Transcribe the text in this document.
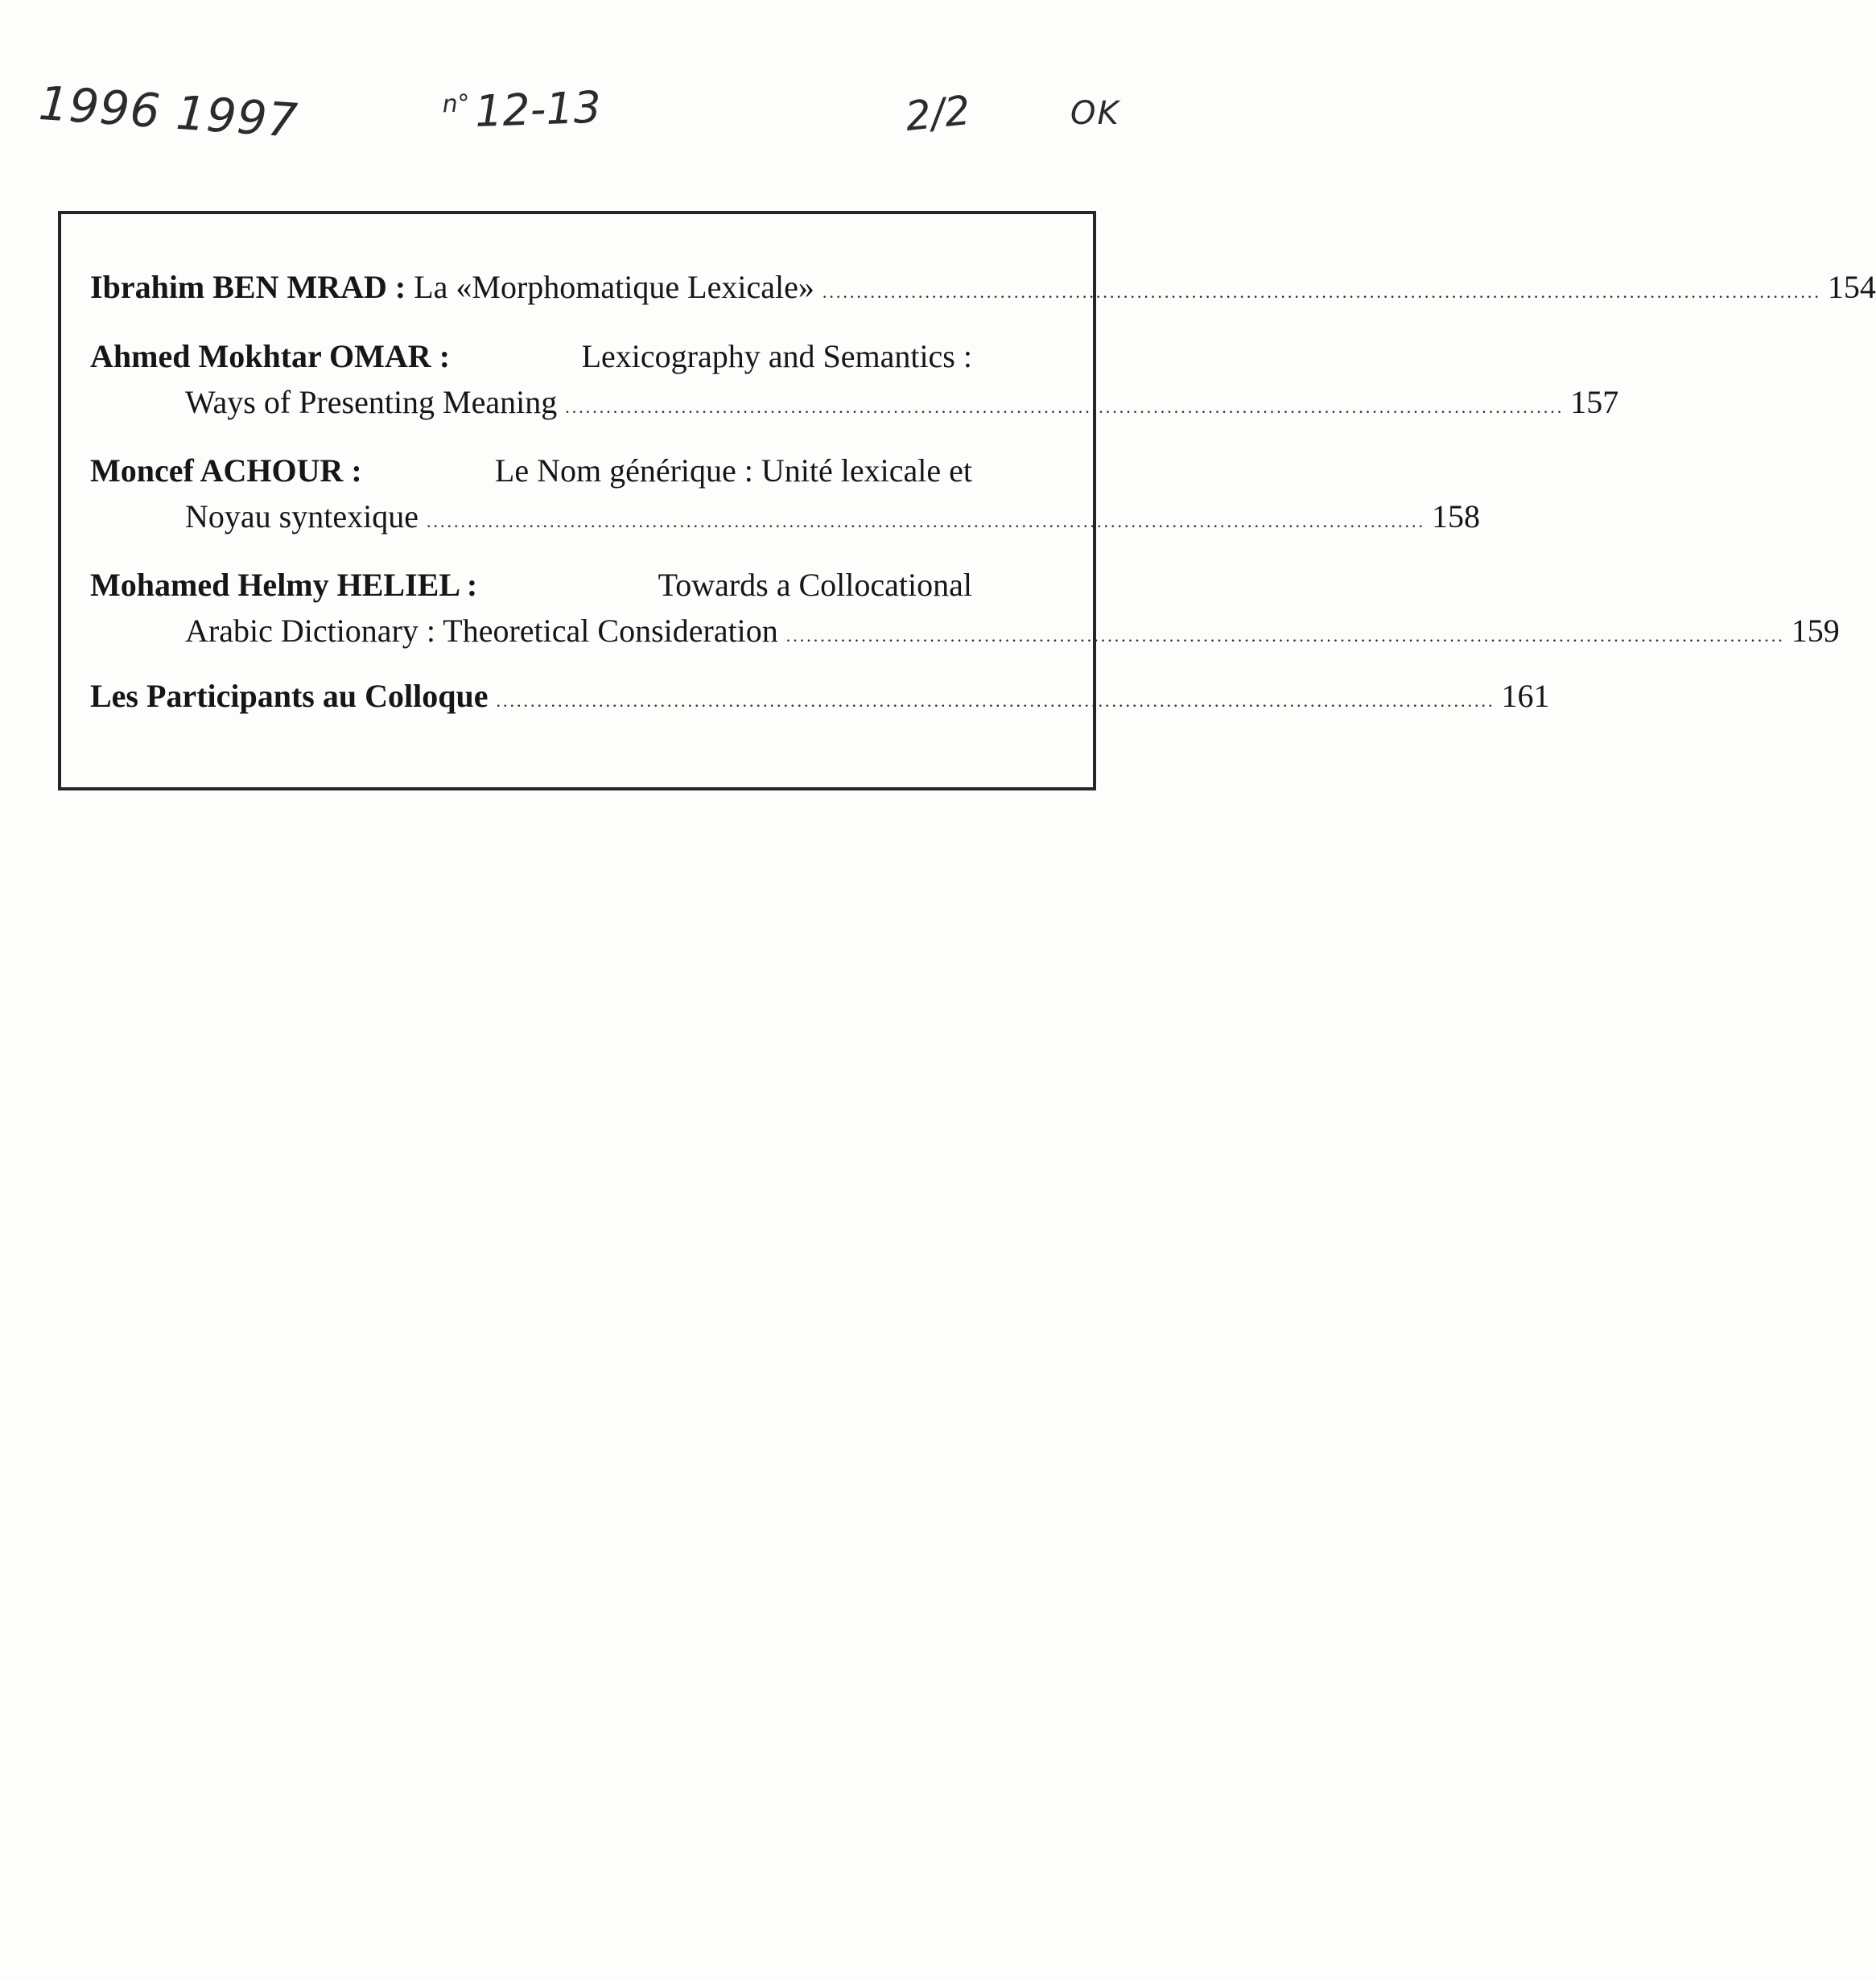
1996 1997	$^{n^\circ}$12-13	2/2	OK
Ibrahim BEN MRAD :
La «Morphomatique Lexicale» .................................................................................................................................................. 154
Ahmed Mokhtar OMAR :	Lexicography and Semantics :
Ways of Presenting Meaning .................................................................................................................................................. 157
Moncef ACHOUR :	Le Nom générique : Unité lexicale et
Noyau syntexique .................................................................................................................................................. 158
Mohamed Helmy HELIEL :	Towards a Collocational
Arabic Dictionary : Theoretical Consideration .................................................................................................................................................. 159
Les Participants au Colloque .................................................................................................................................................. 161
